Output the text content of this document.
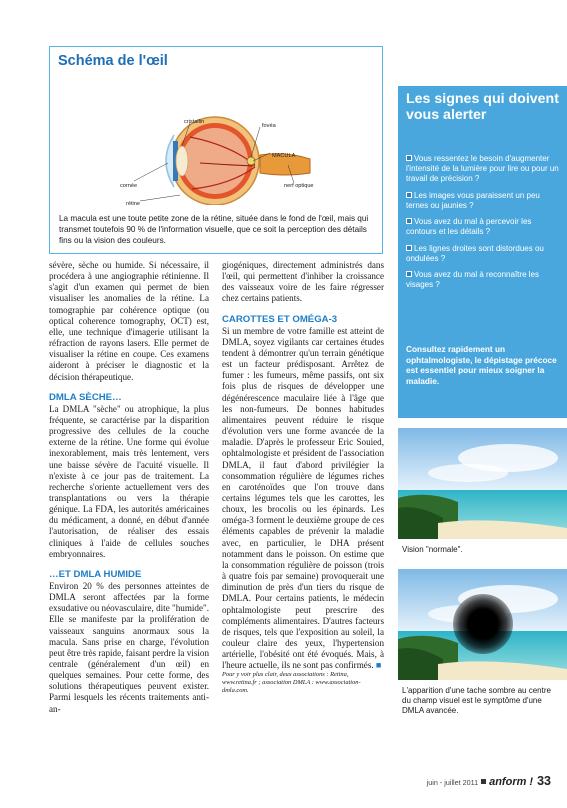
Schéma de l'œil
cristallin
fovéa
MACULA
cornée	nerf optique
rétine
La macula est une toute petite zone de la rétine, située dans le fond de l'œil, mais qui transmet toutefois 90 % de l'information visuelle, que ce soit la perception des détails fins ou la vision des couleurs.

sévère, sèche ou humide. Si nécessaire, il procédera à une angiographie rétinienne. Il s'agit d'un examen qui permet de bien visualiser les anomalies de la rétine. La tomographie par cohérence optique (ou optical coherence tomography, OCT) est, elle, une technique d'imagerie utilisant la réfraction de rayons lasers. Elle permet de visualiser la rétine en coupe. Ces examens aideront à préciser le diagnostic et la décision thérapeutique.

DMLA SÈCHE…

La DMLA "sèche" ou atrophique, la plus fréquente, se caractérise par la disparition progressive des cellules de la couche externe de la rétine. Une forme qui évolue inexorablement, mais très lentement, vers une baisse sévère de l'acuité visuelle. Il n'existe à ce jour pas de traitement. La recherche s'oriente actuellement vers des transplantations ou vers la thérapie génique. La FDA, les autorités américaines du médicament, a donné, en début d'année l'autorisation, de réaliser des essais cliniques à l'aide de cellules souches embryonnaires.

…ET DMLA HUMIDE

Environ 20 % des personnes atteintes de DMLA seront affectées par la forme exsudative ou néovasculaire, dite "humide". Elle se manifeste par la prolifération de vaisseaux sanguins anormaux sous la macula. Sans prise en charge, l'évolution peut être très rapide, faisant perdre la vision centrale (généralement d'un œil) en quelques semaines. Pour cette forme, des solutions thérapeutiques peuvent exister. Parmi lesquels les récents traitements anti-an-

giogéniques, directement administrés dans l'œil, qui permettent d'inhiber la croissance des vaisseaux voire de les faire régresser chez certains patients.

CAROTTES ET OMÉGA-3

Si un membre de votre famille est atteint de DMLA, soyez vigilants car certaines études tendent à démontrer qu'un terrain génétique est un facteur prédisposant. Arrêtez de fumer : les fumeurs, même passifs, ont six fois plus de risques de développer une dégénérescence maculaire liée à l'âge que les non-fumeurs. De bonnes habitudes alimentaires peuvent réduire le risque d'évolution vers une forme avancée de la maladie. D'après le professeur Eric Souied, ophtalmologiste et président de l'association DMLA, il faut d'abord privilégier la consommation régulière de légumes riches en caroténoïdes que l'on trouve dans certains légumes tels que les carottes, les choux, les brocolis ou les épinards. Les oméga-3 forment le deuxième groupe de ces éléments capables de prévenir la maladie avec, en particulier, le DHA présent notamment dans le poisson. On estime que la consommation régulière de poisson (trois à quatre fois par semaine) provoquerait une diminution de près d'un tiers du risque de DMLA. Pour certains patients, le médecin ophtalmologiste peut prescrire des compléments alimentaires. D'autres facteurs de risques, tels que l'exposition au soleil, la couleur claire des yeux, l'hypertension artérielle, l'obésité ont été évoqués. Mais, à l'heure actuelle, ils ne sont pas confirmés. ■

Pour y voir plus clair, deux associations : Retina, www.retina.fr ; association DMLA : www.association-dmla.com.

Les signes qui doivent vous alerter
Vous ressentez le besoin d'augmenter l'intensité de la lumière pour lire ou pour un travail de précision ?
Les images vous paraissent un peu ternes ou jaunies ?
Vous avez du mal à percevoir les contours et les détails ?
Les lignes droites sont distordues ou ondulées ?
Vous avez du mal à reconnaître les visages ?
Consultez rapidement un ophtalmologiste, le dépistage précoce est essentiel pour mieux soigner la maladie.
Vision "normale".
L'apparition d'une tache sombre au centre du champ visuel est le symptôme d'une DMLA avancée.
juin - juillet 2011 anform ! 33
